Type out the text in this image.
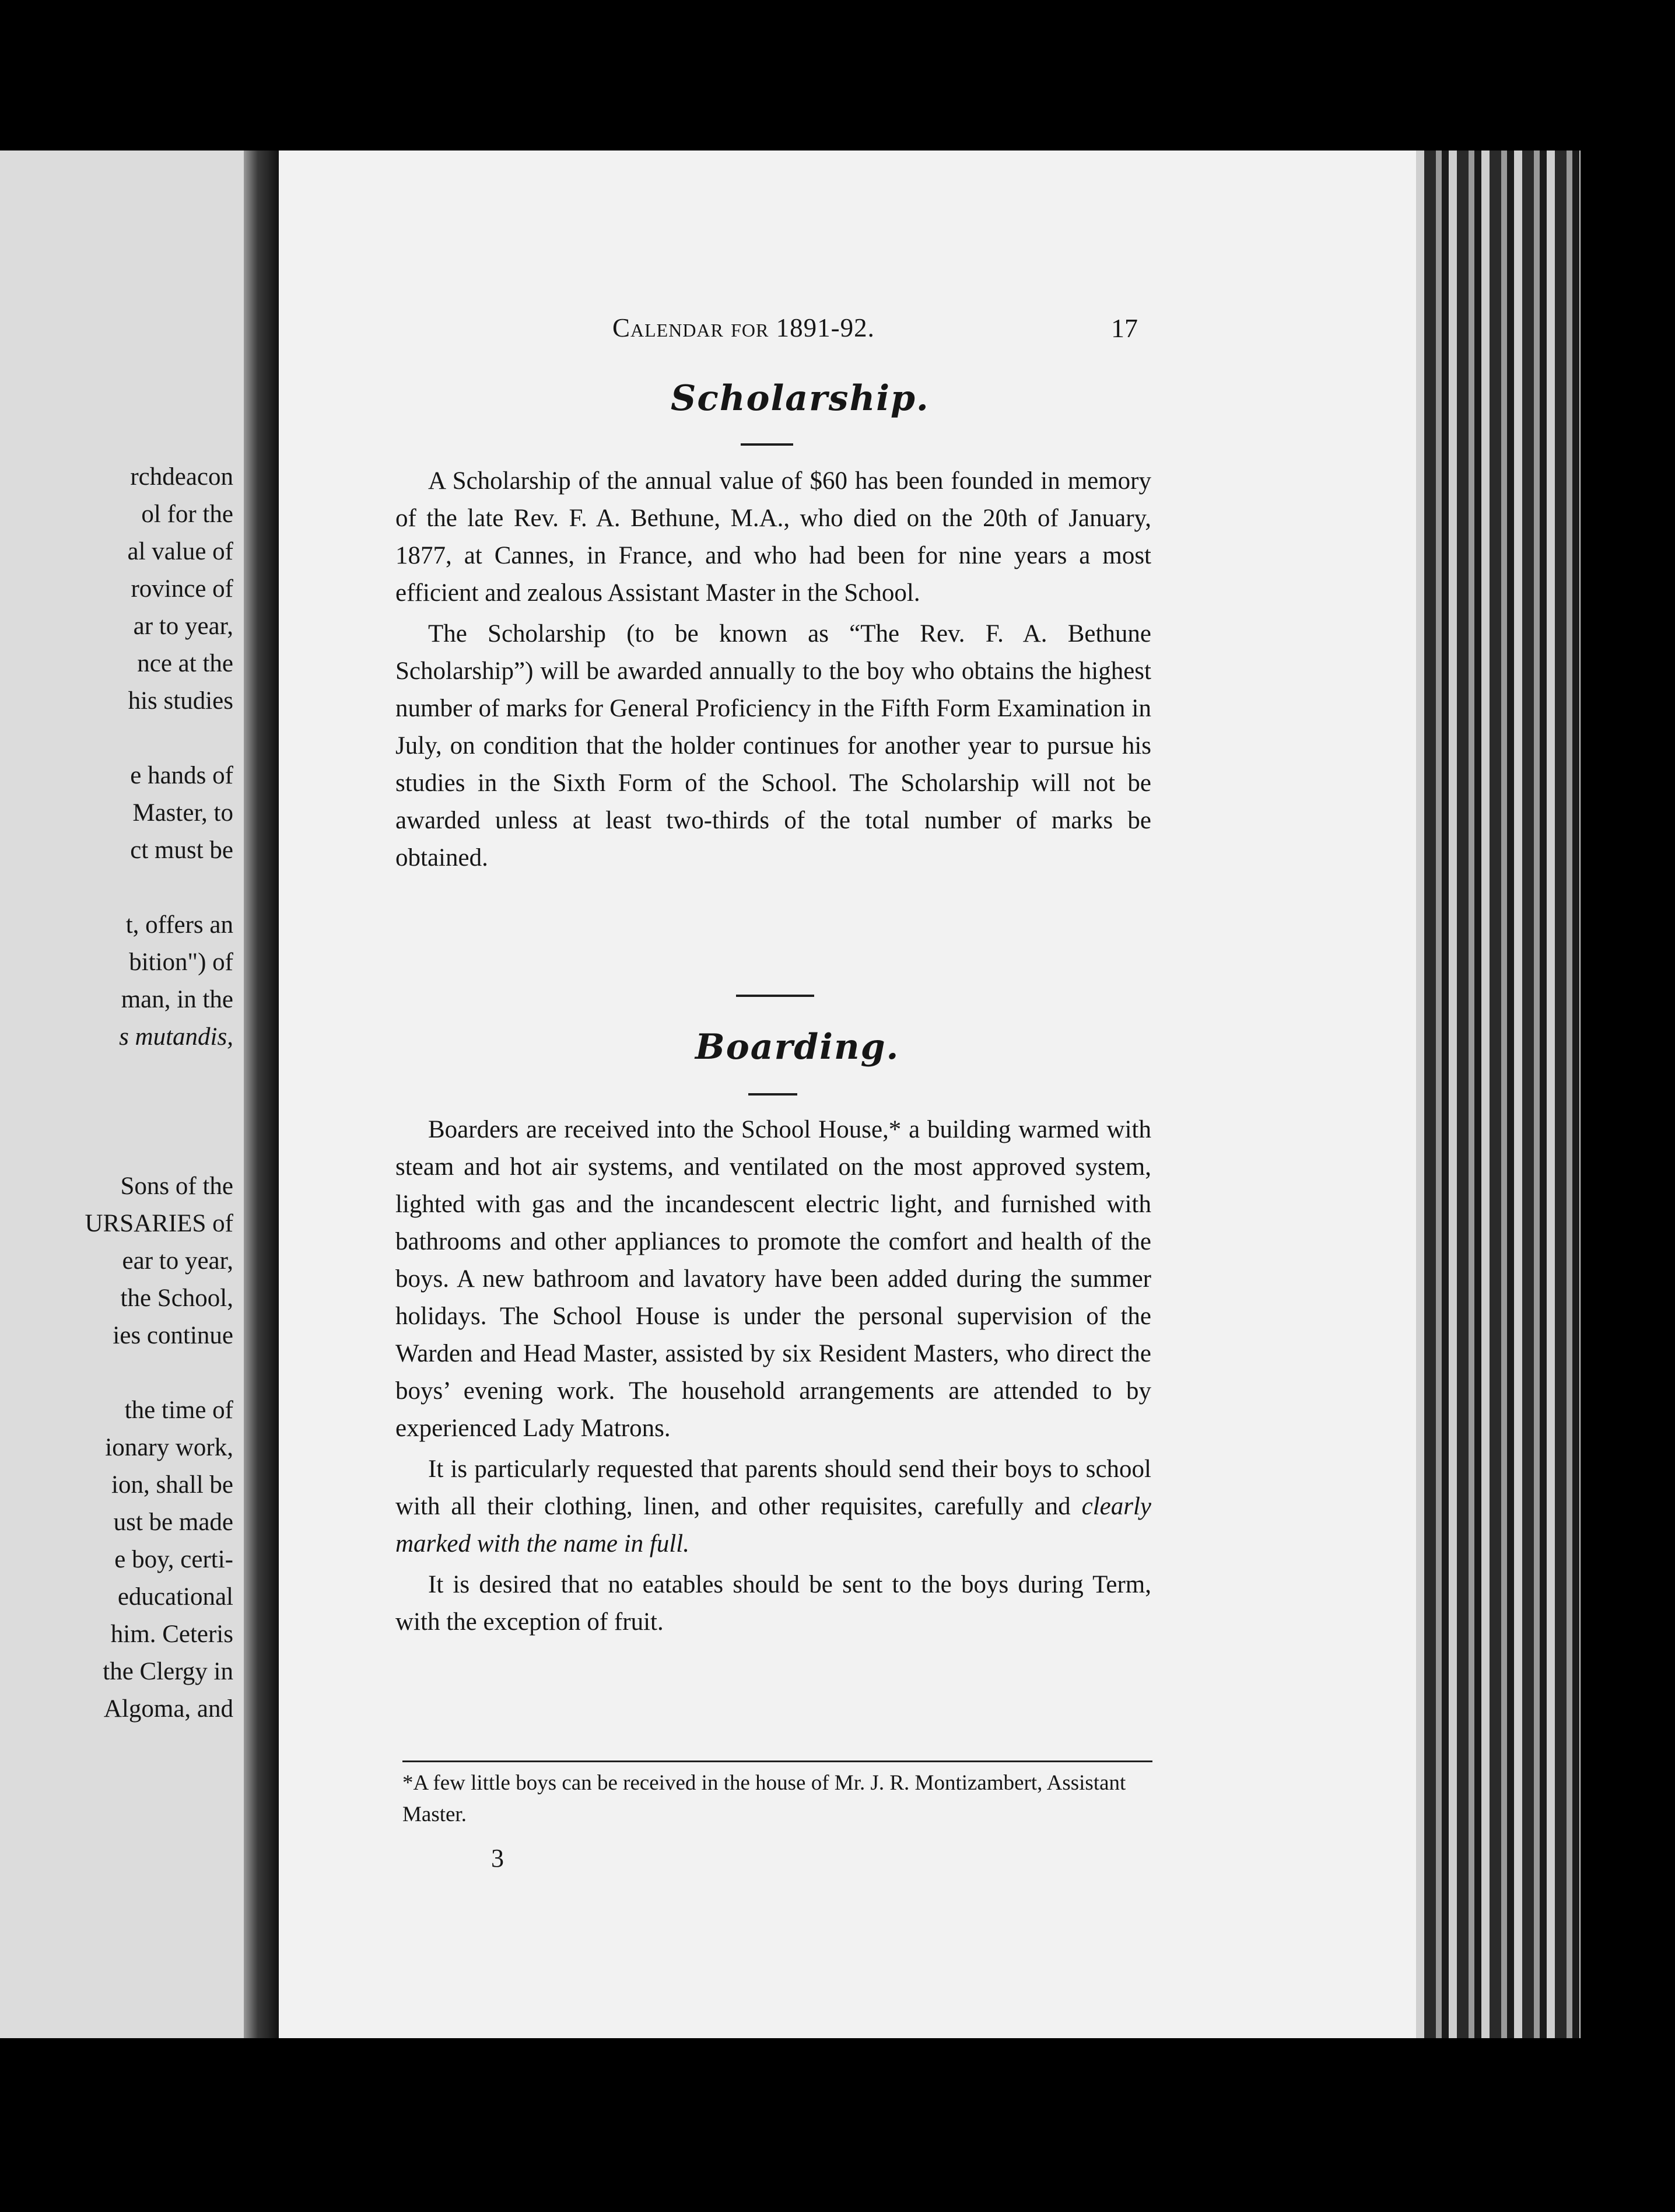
rchdeacon
ol for the
al value of
rovince of
ar to year,
nce at the
his studies
e hands of
Master, to
ct must be
t, offers an
bition") of
man, in the
s mutandis,
Sons of the
URSARIES of
ear to year,
the School,
ies continue
the time of
ionary work,
ion, shall be
ust be made
e boy, certi-
educational
him. Ceteris
the Clergy in
Algoma, and
Calendar for 1891-92.	17
Scholarship.

A Scholarship of the annual value of $60 has been founded in memory of the late Rev. F. A. Bethune, M.A., who died on the 20th of January, 1877, at Cannes, in France, and who had been for nine years a most efficient and zealous Assistant Master in the School.

The Scholarship (to be known as “The Rev. F. A. Bethune Scholarship”) will be awarded annually to the boy who obtains the highest number of marks for General Proficiency in the Fifth Form Examination in July, on condition that the holder continues for another year to pursue his studies in the Sixth Form of the School. The Scholarship will not be awarded unless at least two-thirds of the total number of marks be obtained.

Boarding.

Boarders are received into the School House,* a building warmed with steam and hot air systems, and ventilated on the most approved system, lighted with gas and the incandescent electric light, and furnished with bathrooms and other appliances to promote the comfort and health of the boys. A new bathroom and lavatory have been added during the summer holidays. The School House is under the personal supervision of the Warden and Head Master, assisted by six Resident Masters, who direct the boys’ evening work. The household arrangements are attended to by experienced Lady Matrons.

It is particularly requested that parents should send their boys to school with all their clothing, linen, and other requisites, carefully and clearly marked with the name in full.

It is desired that no eatables should be sent to the boys during Term, with the exception of fruit.

*A few little boys can be received in the house of Mr. J. R. Montizambert, Assistant Master.
3
